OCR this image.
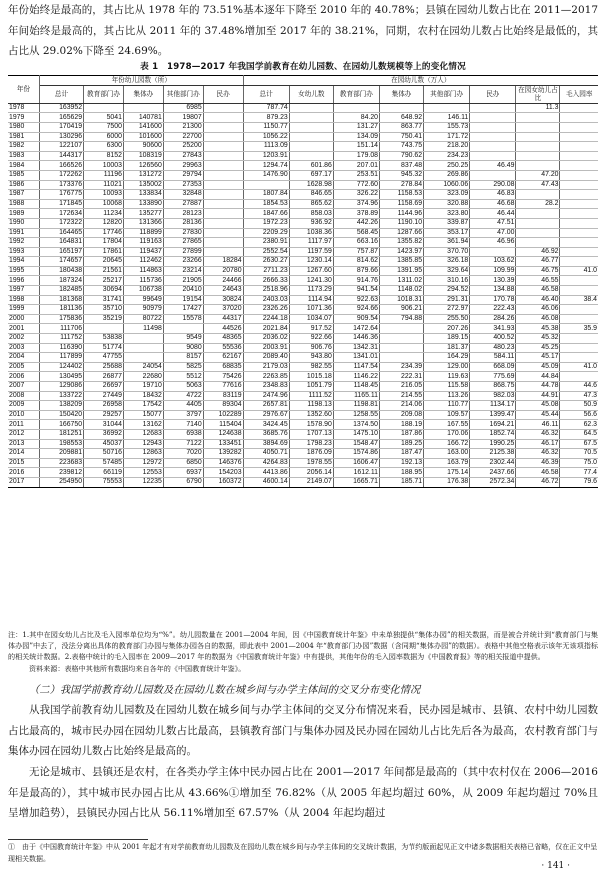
年份始终是最高的，其占比从 1978 年的 73.51%基本逐年下降至 2010 年的 40.78%；县镇在园幼儿数占比在 2011—2017 年间始终是最高的，其占比从 2011 年的 37.48%增加至 2017 年的 38.21%，同期，农村在园幼儿数占比始终是最低的，其占比从 29.02%下降至 24.69%。
表 1　1978—2017 年我国学前教育在幼儿园数、在园幼儿数规模等上的变化情况
年份	年份幼儿园数（所）					在园幼儿数（万人）							
	总计	教育部门办	集体办	其他部门办	民办	总计	女幼儿数	教育部门办	集体办	其他部门办	民办	在园女幼儿占比	毛入园率
1978	163952			6985		787.74						11.3	
1979	165629	5041	140781	19807		879.23		84.20	648.92	146.11			
1980	170419	7500	141600	21300		1150.77		131.27	863.77	155.73			
1981	130296	6000	101600	22700		1056.22		134.09	750.41	171.72			
1982	122107	6300	90600	25200		1113.09		151.14	743.75	218.20			
1983	144317	8152	108319	27843		1203.91		179.08	790.62	234.23			
1984	166526	10003	126560	29963		1294.74	601.86	207.01	837.48	250.25	46.49		
1985	172262	11196	131272	29794		1476.90	697.17	253.51	945.32	269.86		47.20	
1986	173376	11021	135002	27353			1628.98	772.60	278.84	1060.06	290.08	47.43	
1987	176775	10093	133834	32848		1807.84	846.65	326.22	1158.53	323.09	46.83		
1988	171845	10068	133890	27887		1854.53	865.62	374.96	1158.69	320.88	46.68	28.2	
1989	172634	11234	135277	28123		1847.66	858.03	378.89	1144.96	323.80	46.44		
1990	172322	12820	131366	28136		1972.23	936.92	442.26	1190.10	339.87	47.51		
1991	164465	17746	118899	27830		2209.29	1038.36	568.45	1287.66	353.17	47.00		
1992	164831	17804	119163	27865		2380.91	1117.97	663.16	1355.82	361.94	46.96		
1993	165197	17861	119437	27899		2552.54	1197.59	757.87	1423.97	370.70		46.92	
1994	174657	20645	112462	23266	18284	2630.27	1230.14	814.62	1385.85	326.18	103.62	46.77	
1995	180438	21561	114863	23214	20780	2711.23	1267.60	879.66	1391.95	329.64	109.99	46.75	41.0
1996	187324	25217	115736	21905	24466	2666.33	1241.30	914.76	1311.02	310.16	130.39	46.55	
1997	182485	30694	106738	20410	24643	2518.96	1173.29	941.54	1148.02	294.52	134.88	46.58	
1998	181368	31741	99649	19154	30824	2403.03	1114.94	922.63	1018.31	291.31	170.78	46.40	38.4
1999	181136	35710	90979	17427	37020	2326.26	1071.36	924.66	906.21	272.97	222.43	46.06	
2000	175836	35219	80722	15578	44317	2244.18	1034.07	909.54	794.88	255.50	284.26	46.08	
2001	111706		11498		44526	2021.84	917.52	1472.64		207.26	341.93	45.38	35.9
2002	111752	53838		9549	48365	2036.02	922.66	1446.36		189.15	400.52	45.32	
2003	116390	51774		9080	55536	2003.91	906.76	1342.31		181.37	480.23	45.25	
2004	117899	47755		8157	62167	2089.40	943.80	1341.01		164.29	584.11	45.17	
2005	124402	25688	24054	5825	68835	2179.03	982.55	1147.54	234.39	129.00	668.09	45.09	41.0
2006	130495	26877	22680	5512	75426	2263.85	1015.18	1146.22	222.31	119.63	775.69	44.84	
2007	129086	26697	19710	5063	77616	2348.83	1051.79	1148.45	216.05	115.58	868.75	44.78	44.6
2008	133722	27449	18432	4722	83119	2474.96	1111.52	1165.11	214.55	113.26	982.03	44.91	47.3
2009	138209	26958	17542	4405	89304	2657.81	1198.13	1198.81	214.06	110.77	1134.17	45.08	50.9
2010	150420	29257	15077	3797	102289	2976.67	1352.60	1258.55	209.08	109.57	1399.47	45.44	56.6
2011	166750	31044	13162	7140	115404	3424.45	1578.90	1374.50	188.19	167.55	1694.21	46.11	62.3
2012	181251	36992	12683	6938	124638	3685.76	1707.13	1475.10	187.86	170.06	1852.74	46.32	64.5
2013	198553	45037	12943	7122	133451	3894.69	1798.23	1548.47	189.25	166.72	1990.25	46.17	67.5
2014	209881	50716	12863	7020	139282	4050.71	1876.09	1574.86	187.47	163.00	2125.38	46.32	70.5
2015	223683	57485	12972	6850	146376	4264.83	1978.55	1606.47	192.13	163.79	2302.44	46.39	75.0
2016	239812	66119	12553	6937	154203	4413.86	2056.14	1612.11	188.95	175.14	2437.66	46.58	77.4
2017	254950	75553	12235	6790	160372	4600.14	2149.07	1665.71	185.71	176.38	2572.34	46.72	79.6
注：1.其中在园女幼儿占比及毛入园率单位均为“%”。幼儿园数量在 2001—2004 年间，因《中国教育统计年鉴》中未单独提供“集体办园”的相关数据，而是被合并统计到“教育部门与集体办园”中去了，没法分离出具体的教育部门办园与集体办园各自的数据，即此表中 2001—2004 年“教育部门办园”数据（含同期“集体办园”的数据）。表格中其他空格表示该年无该项指标的相关统计数据。2.表格中统计的毛入园率在 2009—2017 年的数据为《中国教育统计年鉴》中有提供，其他年份的毛入园率数据为《中国教育报》等的相关报道中提供。
资料来源：表格中其他所有数据均来自各年的《中国教育统计年鉴》。
（二）我国学前教育幼儿园数及在园幼儿数在城乡间与办学主体间的交叉分布变化情况
从我国学前教育幼儿园数及在园幼儿数在城乡间与办学主体间的交叉分布情况来看，民办园是城市、县镇、农村中幼儿园数占比最高的，城市民办园在园幼儿数占比最高，县镇教育部门与集体办园及民办园在园幼儿占比先后各为最高，农村教育部门与集体办园在园幼儿数占比始终是最高的。
无论是城市、县镇还是农村，在各类办学主体中民办园占比在 2001—2017 年间都是最高的（其中农村仅在 2006—2016 年是最高的），其中城市民办园占比从 43.66%①增加至 76.82%（从 2005 年起均超过 60%，从 2009 年起均超过 70%且呈增加趋势），县镇民办园占比从 56.11%增加至 67.57%（从 2004 年起均超过
①　由于《中国教育统计年鉴》中从 2001 年起才有对学前教育幼儿园数及在园幼儿数在城乡间与办学主体间的交叉统计数据，为节约版面起见正文中诸多数据相关表格已省略，仅在正文中呈现相关数据。
· 141 ·
